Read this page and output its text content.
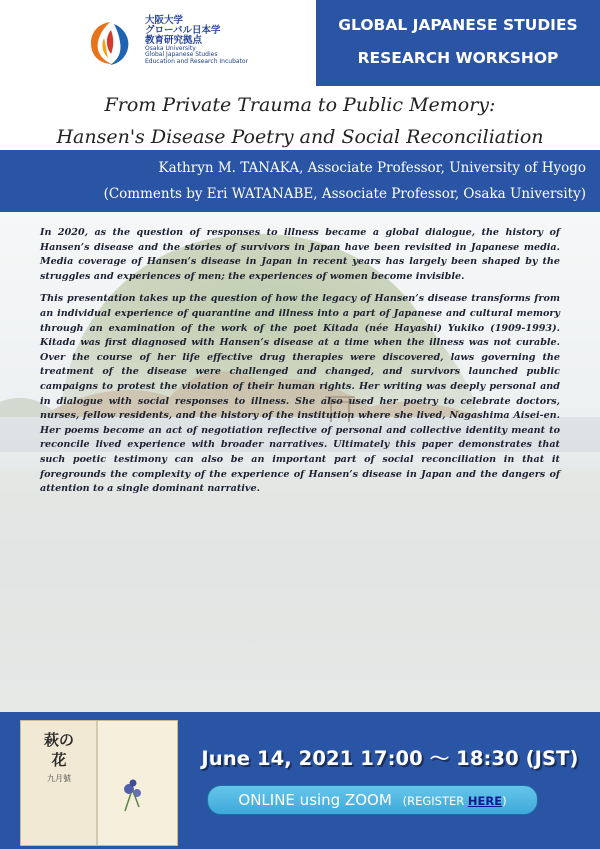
大阪大学
グローバル日本学
教育研究拠点
Osaka University
Global Japanese Studies
Education and Research Incubator
GLOBAL JAPANESE STUDIES
RESEARCH WORKSHOP
From Private Trauma to Public Memory:
Hansen's Disease Poetry and Social Reconciliation
Kathryn M. TANAKA, Associate Professor, University of Hyogo
(Comments by Eri WATANABE, Associate Professor, Osaka University)

In 2020, as the question of responses to illness became a global dialogue, the history of Hansen’s disease and the stories of survivors in Japan have been revisited in Japanese media. Media coverage of Hansen’s disease in Japan in recent years has largely been shaped by the struggles and experiences of men; the experiences of women become invisible.

This presentation takes up the question of how the legacy of Hansen’s disease transforms from an individual experience of quarantine and illness into a part of Japanese and cultural memory through an examination of the work of the poet Kitada (née Hayashi) Yukiko (1909-1993). Kitada was first diagnosed with Hansen’s disease at a time when the illness was not curable. Over the course of her life effective drug therapies were discovered, laws governing the treatment of the disease were challenged and changed, and survivors launched public campaigns to protest the violation of their human rights. Her writing was deeply personal and in dialogue with social responses to illness. She also used her poetry to celebrate doctors, nurses, fellow residents, and the history of the institution where she lived, Nagashima Aisei-en. Her poems become an act of negotiation reflective of personal and collective identity meant to reconcile lived experience with broader narratives. Ultimately this paper demonstrates that such poetic testimony can also be an important part of social reconciliation in that it foregrounds the complexity of the experience of Hansen’s disease in Japan and the dangers of attention to a single dominant narrative.

萩の
花
九月號
June 14, 2021 17:00 〜 18:30 (JST)
ONLINE using ZOOM (REGISTER HERE)
